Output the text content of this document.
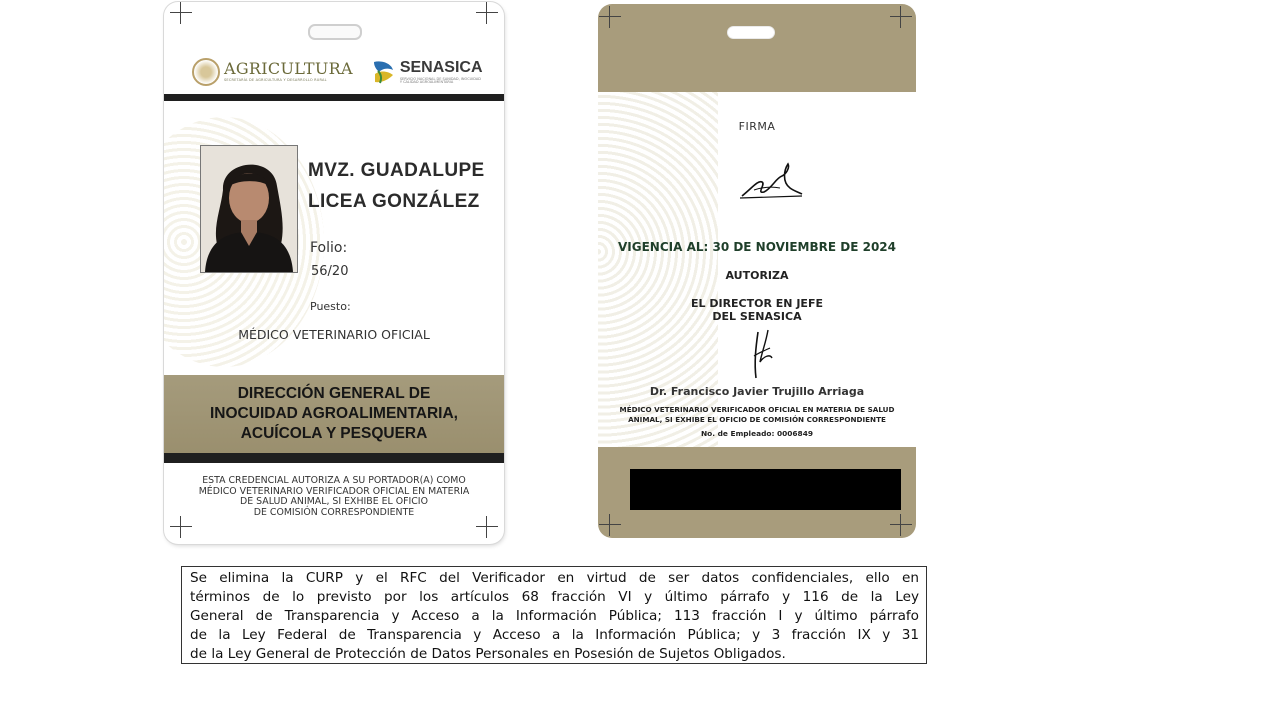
AGRICULTURA
SECRETARÍA DE AGRICULTURA Y DESARROLLO RURAL
SENASICA
SERVICIO NACIONAL DE SANIDAD, INOCUIDAD Y CALIDAD AGROALIMENTARIA
MVZ. GUADALUPE
LICEA GONZÁLEZ
Folio:
56/20
Puesto:
MÉDICO VETERINARIO OFICIAL
DIRECCIÓN GENERAL DE
INOCUIDAD AGROALIMENTARIA,
ACUÍCOLA Y PESQUERA
ESTA CREDENCIAL AUTORIZA A SU PORTADOR(A) COMO
MÉDICO VETERINARIO VERIFICADOR OFICIAL EN MATERIA
DE SALUD ANIMAL, SI EXHIBE EL OFICIO
DE COMISIÓN CORRESPONDIENTE
FIRMA
VIGENCIA AL: 30 DE NOVIEMBRE DE 2024
AUTORIZA
EL DIRECTOR EN JEFE
DEL SENASICA
Dr. Francisco Javier Trujillo Arriaga
MÉDICO VETERINARIO VERIFICADOR OFICIAL EN MATERIA DE SALUD
ANIMAL, SI EXHIBE EL OFICIO DE COMISIÓN CORRESPONDIENTE
No. de Empleado: 0006849
Se elimina la CURP y el RFC del Verificador en virtud de ser datos confidenciales, ello en
términos de lo previsto por los artículos 68 fracción VI y último párrafo y 116 de la Ley
General de Transparencia y Acceso a la Información Pública; 113 fracción I y último párrafo
de la Ley Federal de Transparencia y Acceso a la Información Pública; y 3 fracción IX y 31
de la Ley General de Protección de Datos Personales en Posesión de Sujetos Obligados.
